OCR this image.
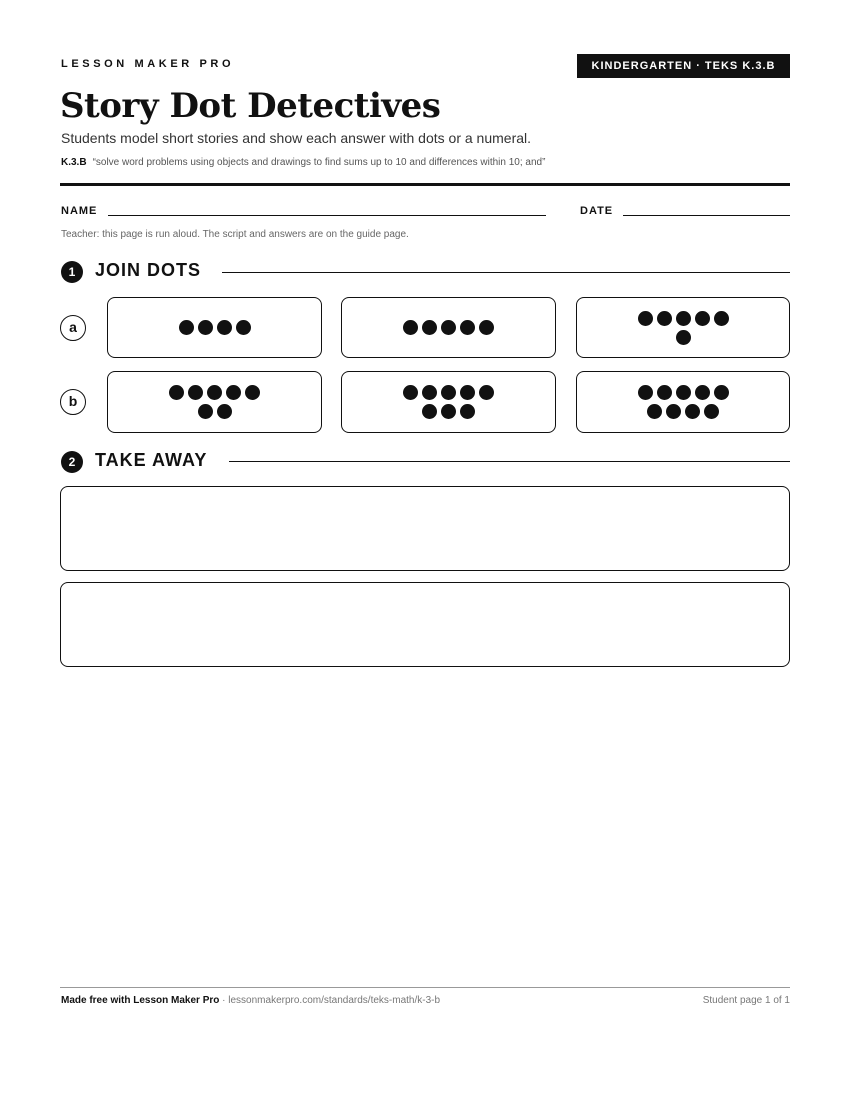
LESSON MAKER PRO	KINDERGARTEN · TEKS K.3.B
Story Dot Detectives

Students model short stories and show each answer with dots or a numeral.

K.3.B “solve word problems using objects and drawings to find sums up to 10 and differences within 10; and”

NAME	DATE

Teacher: this page is run aloud. The script and answers are on the guide page.

1	JOIN DOTS
a
b
2	TAKE AWAY

Made free with Lesson Maker Pro · lessonmakerpro.com/standards/teks-math/k-3-b	Student page 1 of 1
